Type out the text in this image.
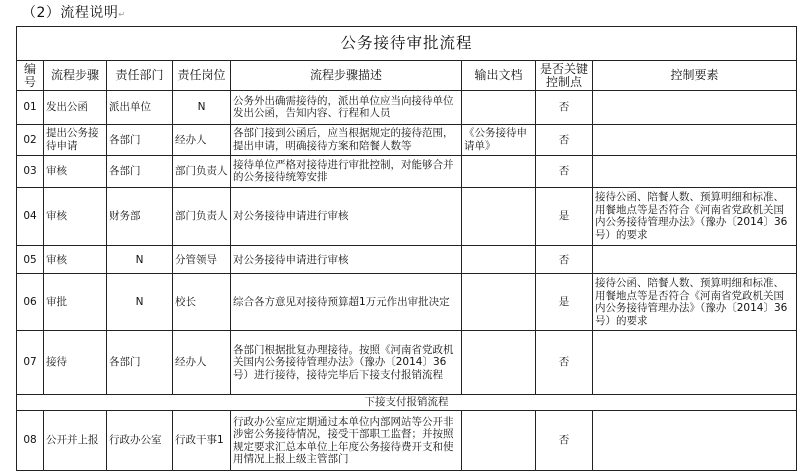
（2）流程说明↵
公务接待审批流程							
编号	流程步骤	责任部门	责任岗位	流程步骤描述	输出文档	是否关键控制点	控制要素
01	发出公函	派出单位	N	公务外出确需接待的，派出单位应当向接待单位发出公函，告知内容、行程和人员		否	
02	提出公务接待申请	各部门	经办人	各部门接到公函后，应当根据规定的接待范围，提出申请，明确接待方案和陪餐人数等	《公务接待申请单》	否	
03	审核	各部门	部门负责人	接待单位严格对接待进行审批控制，对能够合并的公务接待统筹安排		否	
04	审核	财务部	部门负责人	对公务接待申请进行审核		是	接待公函、陪餐人数、预算明细和标准、用餐地点等是否符合《河南省党政机关国内公务接待管理办法》（豫办〔2014〕36号）的要求
05	审核	N	分管领导	对公务接待申请进行审核		否	
06	审批	N	校长	综合各方意见对接待预算超1万元作出审批决定		是	接待公函、陪餐人数、预算明细和标准、用餐地点等是否符合《河南省党政机关国内公务接待管理办法》（豫办〔2014〕36号）的要求
07	接待	各部门	经办人	各部门根据批复办理接待。按照《河南省党政机关国内公务接待管理办法》（豫办〔2014〕36号）进行接待，接待完毕后下接支付报销流程		否	
下接支付报销流程							
08	公开并上报	行政办公室	行政干事1	行政办公室应定期通过本单位内部网站等公开非涉密公务接待情况，接受干部职工监督；并按照规定要求汇总本单位上年度公务接待费开支和使用情况上报上级主管部门		否	
